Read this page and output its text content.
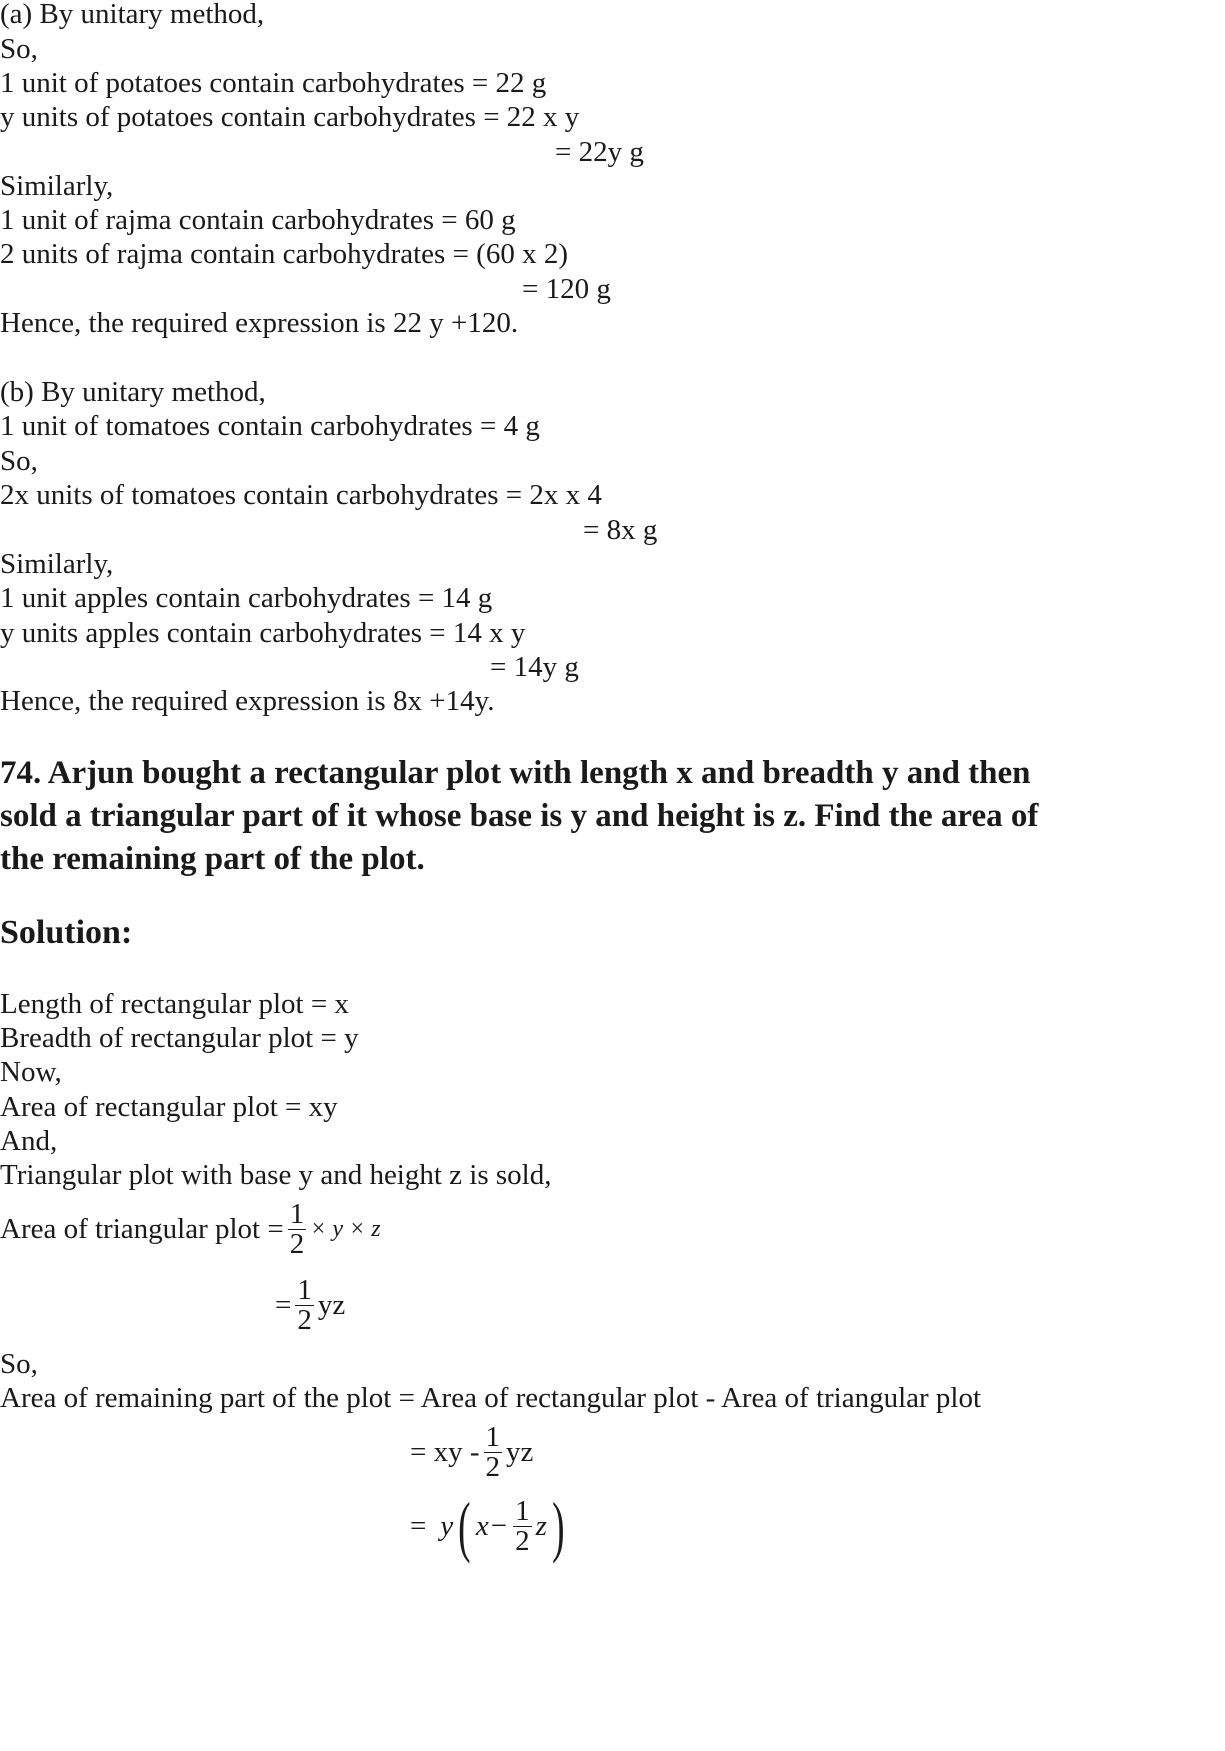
(a) By unitary method,
So,
1 unit of potatoes contain carbohydrates = 22 g
y units of potatoes contain carbohydrates = 22 x y
= 22y g
Similarly,
1 unit of rajma contain carbohydrates = 60 g
2 units of rajma contain carbohydrates = (60 x 2)
= 120 g
Hence, the required expression is 22 y +120.
(b) By unitary method,
1 unit of tomatoes contain carbohydrates = 4 g
So,
2x units of tomatoes contain carbohydrates = 2x x 4
= 8x g
Similarly,
1 unit apples contain carbohydrates = 14 g
y units apples contain carbohydrates = 14 x y
= 14y g
Hence, the required expression is 8x +14y.
74. Arjun bought a rectangular plot with length x and breadth y and then
sold a triangular part of it whose base is y and height is z. Find the area of
the remaining part of the plot.
Solution:
Length of rectangular plot = x
Breadth of rectangular plot = y
Now,
Area of rectangular plot = xy
And,
Triangular plot with base y and height z is sold,
Area of triangular plot = $\frac{1}{2} \times y \times z$
= $\frac{1}{2}$ yz
So,
Area of remaining part of the plot = Area of rectangular plot - Area of triangular plot
= xy - $\frac{1}{2}$ yz
= y ( $x - \frac{1}{2}$ z )
